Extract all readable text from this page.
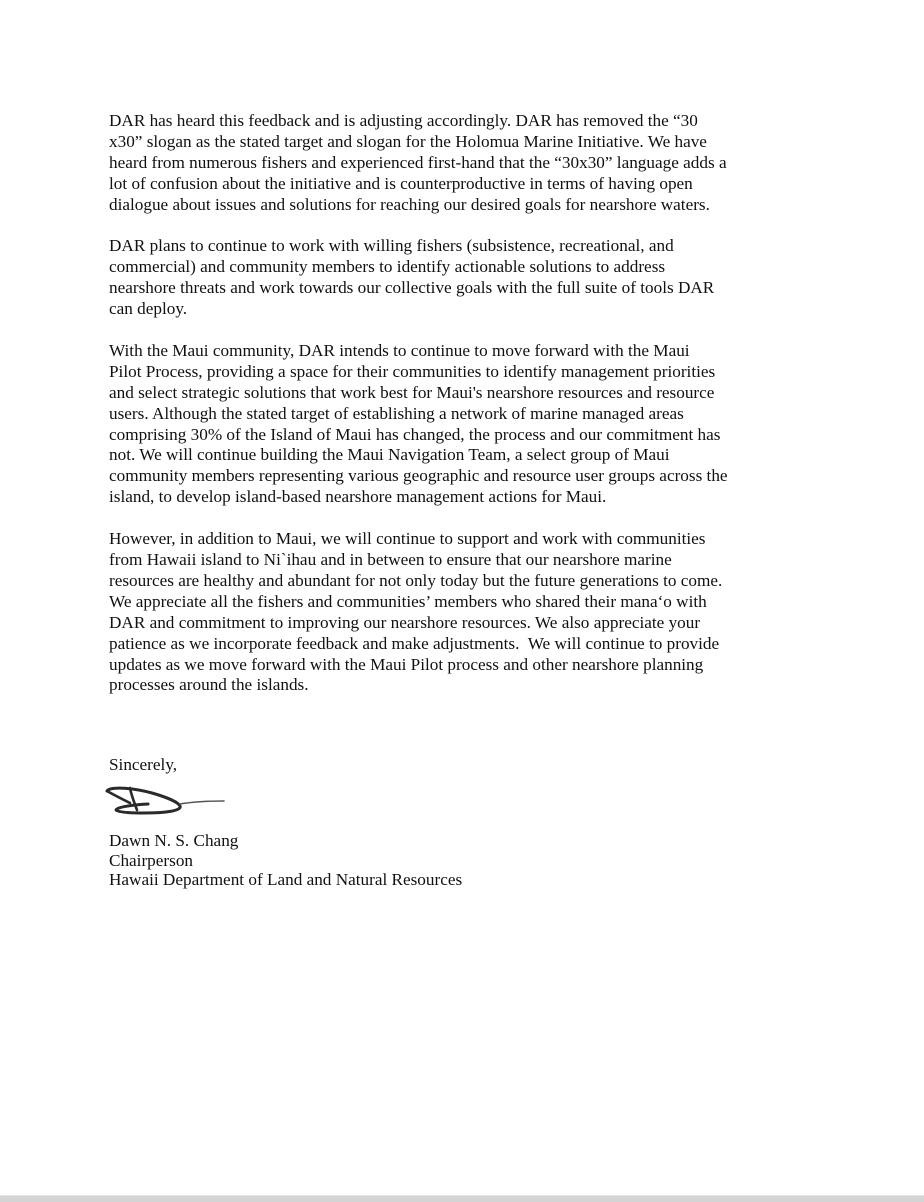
DAR has heard this feedback and is adjusting accordingly. DAR has removed the “30
x30” slogan as the stated target and slogan for the Holomua Marine Initiative. We have
heard from numerous fishers and experienced first-hand that the “30x30” language adds a
lot of confusion about the initiative and is counterproductive in terms of having open
dialogue about issues and solutions for reaching our desired goals for nearshore waters.

DAR plans to continue to work with willing fishers (subsistence, recreational, and
commercial) and community members to identify actionable solutions to address
nearshore threats and work towards our collective goals with the full suite of tools DAR
can deploy.

With the Maui community, DAR intends to continue to move forward with the Maui
Pilot Process, providing a space for their communities to identify management priorities
and select strategic solutions that work best for Maui's nearshore resources and resource
users. Although the stated target of establishing a network of marine managed areas
comprising 30% of the Island of Maui has changed, the process and our commitment has
not. We will continue building the Maui Navigation Team, a select group of Maui
community members representing various geographic and resource user groups across the
island, to develop island-based nearshore management actions for Maui.

However, in addition to Maui, we will continue to support and work with communities
from Hawaii island to Ni`ihau and in between to ensure that our nearshore marine
resources are healthy and abundant for not only today but the future generations to come.
We appreciate all the fishers and communities’ members who shared their mana‘o with
DAR and commitment to improving our nearshore resources. We also appreciate your
patience as we incorporate feedback and make adjustments.  We will continue to provide
updates as we move forward with the Maui Pilot process and other nearshore planning
processes around the islands.

Sincerely,
Dawn N. S. Chang
Chairperson
Hawaii Department of Land and Natural Resources
